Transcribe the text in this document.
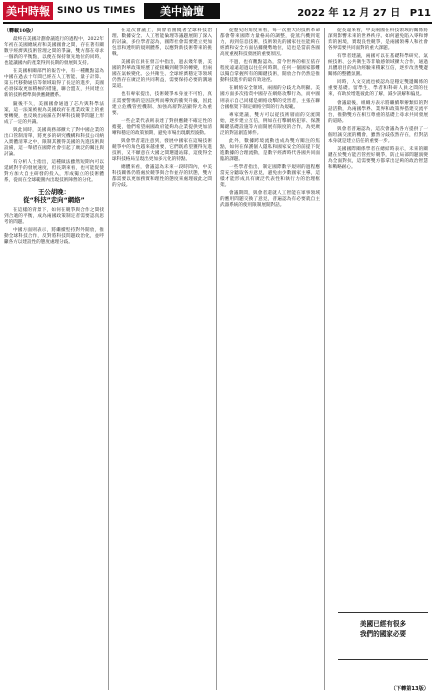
美中時報 SINO US TIMES	美中論壇	2022 年 12 月 27 日 P11
（轉載10版）

最終在美國計劃會議進行的過程中，2022年年初在美國總統府和美國國會之間，存在著有關數字經濟與技術管理之間的爭論，雙方都在尋求一個新的平衡點，以便在保持領先地位的同時，也能讓國內的產業得到長期的發展與支持。

在美國相關部門的報告中，有一種觀點認為中國在過去十年間已經在人工智能、量子計算、第五代移動通信等領域取得了長足的進步，美國必須採取更加積極的措施，聯合盟友，共同建立新的技術標準與供應鏈體系。

隨後不久，美國國會通過了芯片與科學法案，這一法案被視為美國政府在產業政策上的重要轉變，也反映出兩黨在對華科技競爭問題上形成了一定的共識。

與此同時，美國商務部擴大了對中國企業的出口管制清單，將更多的研究機構和科技公司納入實體清單之中，限制其獲得美國的先進技術與設備，這一舉措在國際社會引起了廣泛的關注與討論。

有分析人士指出，這種做法雖然短期內可以延緩對手的發展速度，但長期來看，也可能促使對方加大自主研發的投入，形成獨立的技術體系，從而在全球範圍內出現技術陣營的分化。

王公胡晚：
從“科技”走向“網絡”

在這樣的背景下，如何在競爭與合作之間找到合適的平衡，成為兩國政策制定者需要認真思考的問題。

中國方面則表示，將繼續堅持對外開放，推動全球科技合作，反對將科技問題政治化，並呼籲各方以建設性的態度處理分歧。

在這次會議上，與會者圍繞著全球科技治理、數據安全、人工智能倫理等議題展開了深入的討論，多位學者認為，國際社會需要建立更加包容和透明的規則體系，以應對新技術帶來的挑戰。

美國前官員在發言中指出，過去幾年裏，美國的對華政策經歷了從接觸到競爭的轉變，但兩國在氣候變化、公共衛生、全球經濟穩定等領域仍然存在廣泛的共同利益，需要保持必要的溝通渠道。

也有專家提出，技術競爭本身並不可怕，真正需要警惕的是因誤判而導致的衝突升級，因此建立危機管控機制、加強高層對話顯得尤為重要。

一些企業代表則表達了對供應鏈不確定性的擔憂，他們希望兩國政府能夠為企業提供更加清晰和穩定的政策預期，避免市場出現劇烈波動。

與會學者還注意到，發展中國家在這場技術競爭中的角色越來越重要，它們既希望獲得先進技術，又不願意在大國之間選邊站隊，這使得全球科技格局呈現出更加多元化的特點。

總體來看，會議認為未來一段時間內，中美科技關係仍將處於競爭與合作並存的狀態，雙方都需要以更加務實和理性的態度來處理彼此之間的分歧。

從歷史的角度來看，每一次重大的技術革命都會帶來國際力量格局的調整，從蒸汽機到電力，再到信息技術，技術領先的國家往往能夠在經濟和安全方面佔據優勢地位，這也是當前各國高度重視科技發展的重要原因。

不過，也有觀點認為，當今世界的相互依存程度遠遠超過以往任何時期，任何一個國家都難以獨自掌握所有的關鍵技術，開放合作仍然是推動科技進步的最有效途徑。

在網絡安全領域，兩國的分歧尤為明顯。美國方面多次指責中國存在網絡攻擊行為，而中國則表示自己同樣是網絡攻擊的受害者，主張在聯合國框架下制定網絡空間的行為規範。

專家建議，雙方可以從技術層面的交流開始，逐步建立互信，例如在打擊網絡犯罪、保護關鍵基礎設施等方面開展有限度的合作，為更廣泛的對話創造條件。

此外，數據跨境流動也成為雙方關注的焦點，如何在保護個人隱私和國家安全的前提下促進數據的合理流動，是數字經濟時代各國共同面臨的課題。

一些學者指出，制定國際數字規則的過程應當充分聽取各方意見，避免由少數國家主導，這樣才能形成具有廣泛代表性和執行力的治理框架。

會議期間，與會者還就人工智能在軍事領域的應用問題交換了意見，普遍認為有必要就自主武器系統的使用限制展開對話。

從長遠來看，中美兩國在科技領域的關係將深刻影響未來的世界秩序。如何避免陷入零和博弈的困境，實現良性競爭，是兩國領導人和社會各界需要共同面對的重大課題。

有學者建議，兩國可以在基礎科學研究、氣候技術、公共衛生等非敏感領域擴大合作，通過具體項目的成功經驗來積累互信，逐步改善雙邊關係的整體氛圍。

同時，人文交流也被認為是穩定雙邊關係的重要基礎。留學生、學者和科研人員之間的往來，有助於增進彼此的了解，減少誤解和偏見。

會議最後，組織方表示將繼續舉辦類似的對話活動，為兩國學界、業界和政策界搭建交流平台，推動雙方在相互尊重的基礎上尋求共同發展的道路。

與會者普遍認為，這次會議為各方提供了一個坦誠交流的機會，雖然分歧依然存在，但對話本身就是建立信任的重要一步。

美國國際關係學者在總結時表示，未來的關鍵在於雙方能否管控好競爭，防止局部問題演變為全面對抗，這需要雙方都拿出足夠的政治智慧和戰略耐心。

美國已經有很多
我們的國家必要
（下轉第13版）
